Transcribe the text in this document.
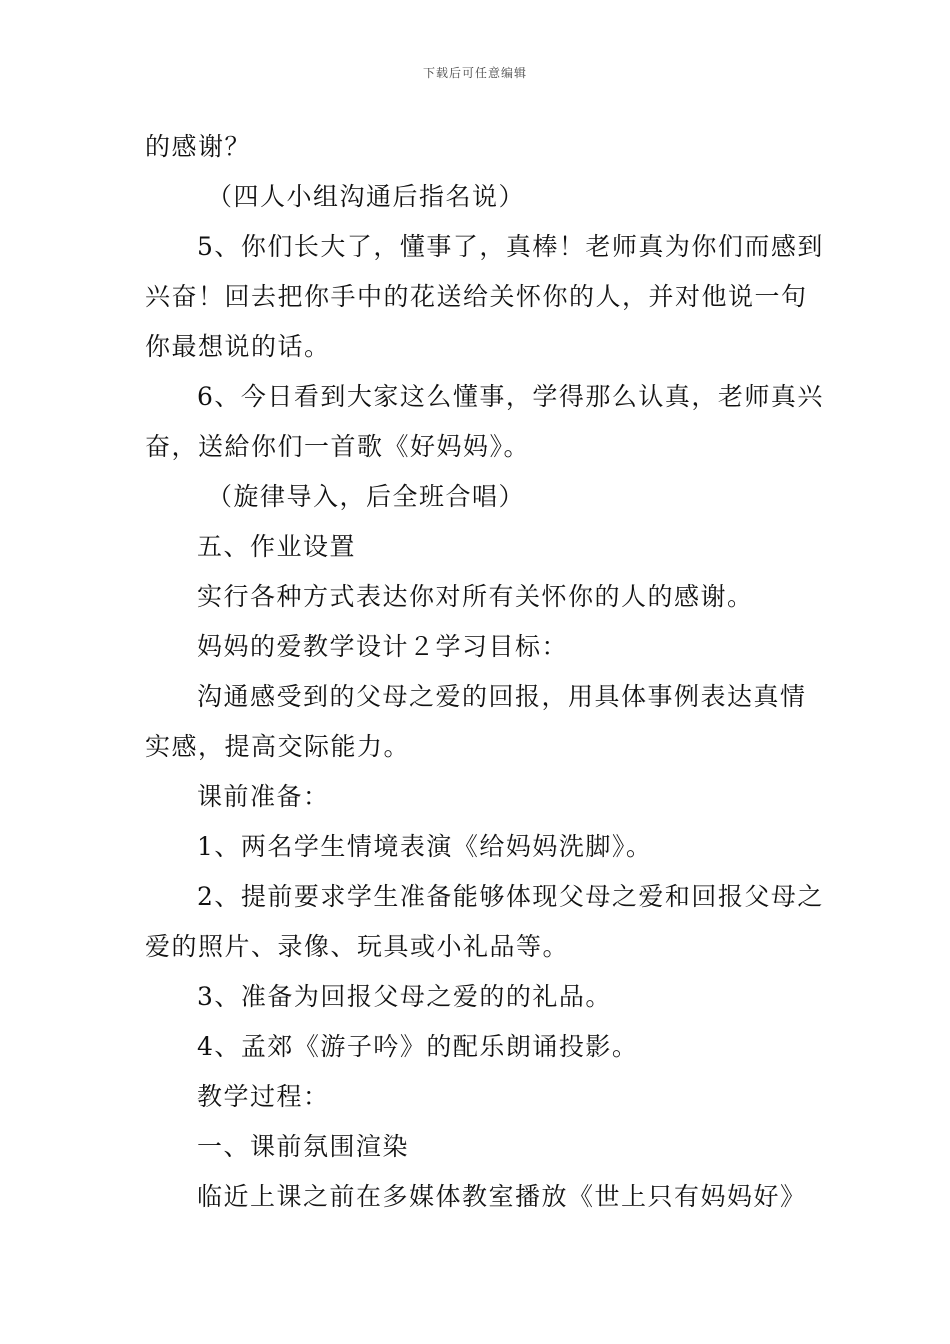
下载后可任意编辑
的感谢？
（四人小组沟通后指名说）
5、你们长大了，懂事了，真棒！老师真为你们而感到
兴奋！回去把你手中的花送给关怀你的人，并对他说一句
你最想说的话。
6、今日看到大家这么懂事，学得那么认真，老师真兴
奋，送給你们一首歌《好妈妈》。
（旋律导入，后全班合唱）
五、作业设置
实行各种方式表达你对所有关怀你的人的感谢。
妈妈的爱教学设计２学习目标：
沟通感受到的父母之爱的回报，用具体事例表达真情
实感，提高交际能力。
课前准备：
1、两名学生情境表演《给妈妈洗脚》。
2、提前要求学生准备能够体现父母之爱和回报父母之
爱的照片、录像、玩具或小礼品等。
3、准备为回报父母之爱的的礼品。
4、孟郊《游子吟》的配乐朗诵投影。
教学过程：
一、课前氛围渲染
临近上课之前在多媒体教室播放《世上只有妈妈好》
